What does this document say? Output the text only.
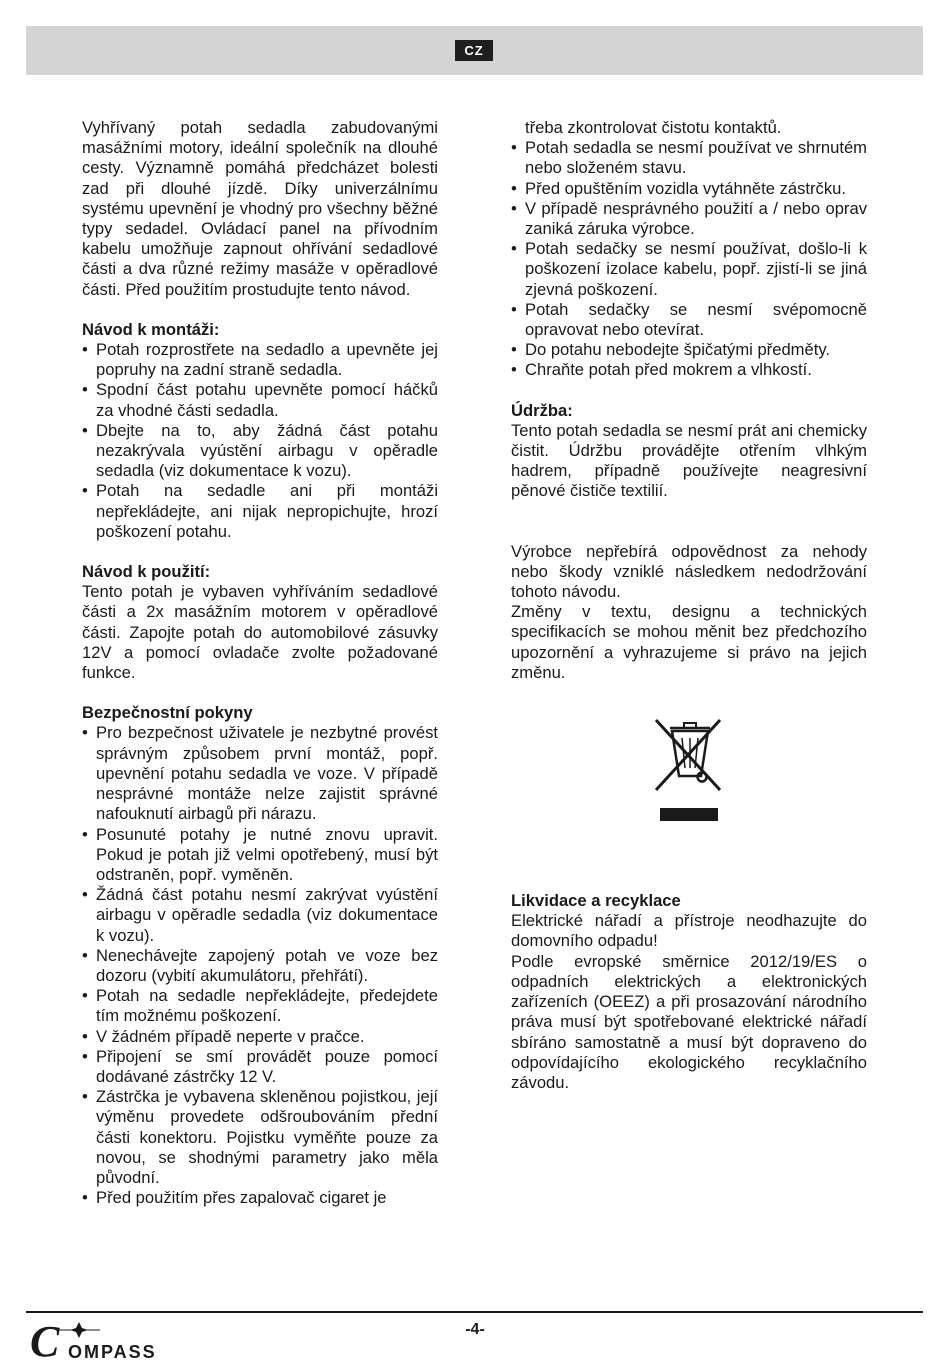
CZ

Vyhřívaný potah sedadla zabudovanými masážními motory, ideální společník na dlouhé cesty. Významně pomáhá předcházet bolesti zad při dlouhé jízdě. Díky univerzálnímu systému upevnění je vhodný pro všechny běžné typy sedadel. Ovládací panel na přívodním kabelu umožňuje zapnout ohřívání sedadlové části a dva různé režimy masáže v opěradlové části. Před použitím prostudujte tento návod.

Návod k montáži:
• Potah rozprostřete na sedadlo a upevněte jej popruhy na zadní straně sedadla.
• Spodní část potahu upevněte pomocí háčků za vhodné části sedadla.
• Dbejte na to, aby žádná část potahu nezakrývala vyústění airbagu v opěradle sedadla (viz dokumentace k vozu).
• Potah na sedadle ani při montáži nepřekládejte, ani nijak nepropichujte, hrozí poškození potahu.
Návod k použití:

Tento potah je vybaven vyhříváním sedadlové části a 2x masážním motorem v opěradlové části. Zapojte potah do automobilové zásuvky 12V a pomocí ovladače zvolte požadované funkce.

Bezpečnostní pokyny
• Pro bezpečnost uživatele je nezbytné provést správným způsobem první montáž, popř. upevnění potahu sedadla ve voze. V případě nesprávné montáže nelze zajistit správné nafouknutí airbagů při nárazu.
• Posunuté potahy je nutné znovu upravit. Pokud je potah již velmi opotřebený, musí být odstraněn, popř. vyměněn.
• Žádná část potahu nesmí zakrývat vyústění airbagu v opěradle sedadla (viz dokumentace k vozu).
• Nenechávejte zapojený potah ve voze bez dozoru (vybití akumulátoru, přehřátí).
• Potah na sedadle nepřekládejte, předejdete tím možnému poškození.
• V žádném případě neperte v pračce.
• Připojení se smí provádět pouze pomocí dodávané zástrčky 12 V.
• Zástrčka je vybavena skleněnou pojistkou, její výměnu provedete odšroubováním přední části konektoru. Pojistku vyměňte pouze za novou, se shodnými parametry jako měla původní.
• Před použitím přes zapalovač cigaret je

třeba zkontrolovat čistotu kontaktů.

• Potah sedadla se nesmí používat ve shrnutém nebo složeném stavu.
• Před opuštěním vozidla vytáhněte zástrčku.
• V případě nesprávného použití a / nebo oprav zaniká záruka výrobce.
• Potah sedačky se nesmí používat, došlo-li k poškození izolace kabelu, popř. zjistí-li se jiná zjevná poškození.
• Potah sedačky se nesmí svépomocně opravovat nebo otevírat.
• Do potahu nebodejte špičatými předměty.
• Chraňte potah před mokrem a vlhkostí.
Údržba:

Tento potah sedadla se nesmí prát ani chemicky čistit. Údržbu provádějte otřením vlhkým hadrem, případně používejte neagresivní pěnové čističe textilií.

Výrobce nepřebírá odpovědnost za nehody nebo škody vzniklé následkem nedodržování tohoto návodu.

Změny v textu, designu a technických specifikacích se mohou měnit bez předchozího upozornění a vyhrazujeme si právo na jejich změnu.

Likvidace a recyklace

Elektrické nářadí a přístroje neodhazujte do domovního odpadu!

Podle evropské směrnice 2012/19/ES o odpadních elektrických a elektronických zařízeních (OEEZ) a při prosazování národního práva musí být spotřebované elektrické nářadí sbíráno samostatně a musí být dopraveno do odpovídajícího ekologického recyklačního závodu.

-4-
C OMPASS
